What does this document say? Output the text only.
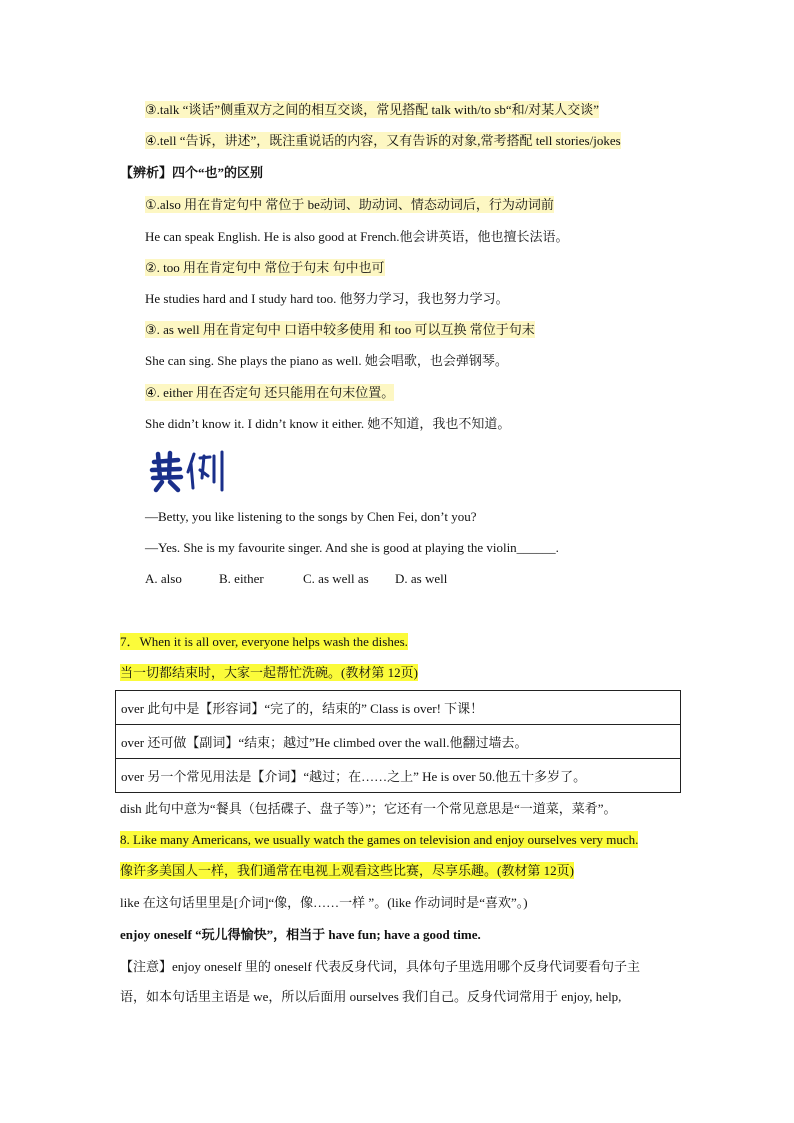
③.talk “谈话”侧重双方之间的相互交谈，常见搭配 talk with/to sb“和/对某人交谈”
④.tell “告诉，讲述”，既注重说话的内容，又有告诉的对象,常考搭配 tell stories/jokes
【辨析】四个“也”的区别
①.also 用在肯定句中 常位于 be动词、助动词、情态动词后，行为动词前
He can speak English. He is also good at French.他会讲英语，他也擅长法语。
②. too 用在肯定句中 常位于句末 句中也可
He studies hard and I study hard too. 他努力学习，我也努力学习。
③. as well 用在肯定句中 口语中较多使用 和 too 可以互换 常位于句末
She can sing. She plays the piano as well. 她会唱歌，也会弹钢琴。
④. either 用在否定句 还只能用在句末位置。
She didn’t know it. I didn’t know it either. 她不知道，我也不知道。
—Betty, you like listening to the songs by Chen Fei, don’t you?
—Yes. She is my favourite singer. And she is good at playing the violin______.
A. also	B. either	C. as well as D. as well
7．When it is all over, everyone helps wash the dishes.
当一切都结束时，大家一起帮忙洗碗。(教材第 12页)
over 此句中是【形容词】“完了的，结束的” Class is over! 下课！
over 还可做【副词】“结束；越过”He climbed over the wall.他翻过墙去。
over 另一个常见用法是【介词】“越过；在……之上” He is over 50.他五十多岁了。
dish 此句中意为“餐具（包括碟子、盘子等）”；它还有一个常见意思是“一道菜，菜肴”。
8. Like many Americans, we usually watch the games on television and enjoy ourselves very much.
像许多美国人一样，我们通常在电视上观看这些比赛，尽享乐趣。(教材第 12页)
like 在这句话里里是[介词]“像，像……一样 ”。(like 作动词时是“喜欢”。)
enjoy oneself “玩儿得愉快”，相当于 have fun; have a good time.
【注意】enjoy oneself 里的 oneself 代表反身代词，具体句子里选用哪个反身代词要看句子主
语，如本句话里主语是 we，所以后面用 ourselves 我们自己。反身代词常用于 enjoy, help,
